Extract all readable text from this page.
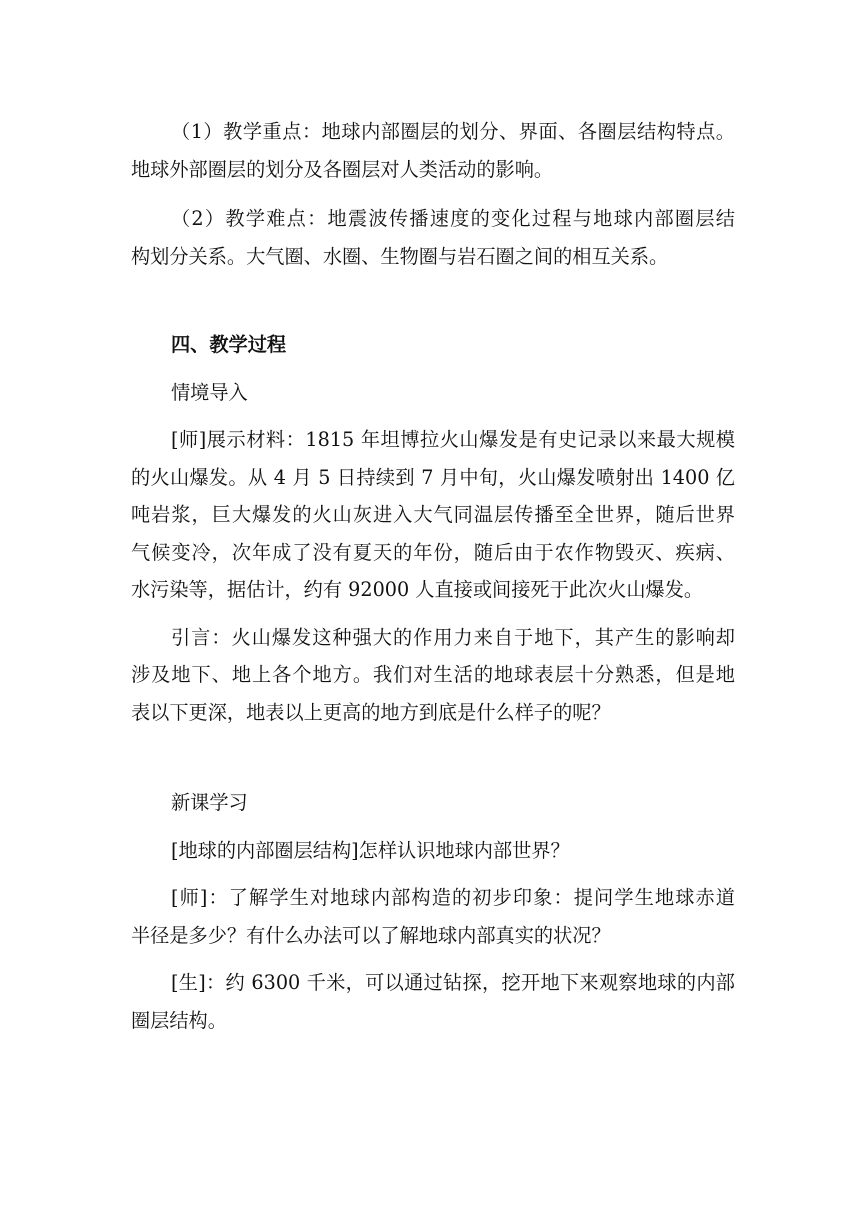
（1）教学重点：地球内部圈层的划分、界面、各圈层结构特点。
地球外部圈层的划分及各圈层对人类活动的影响。
（2）教学难点：地震波传播速度的变化过程与地球内部圈层结
构划分关系。大气圈、水圈、生物圈与岩石圈之间的相互关系。
四、教学过程
情境导入
[师]展示材料：1815 年坦博拉火山爆发是有史记录以来最大规模
的火山爆发。从 4 月 5 日持续到 7 月中旬，火山爆发喷射出 1400 亿
吨岩浆，巨大爆发的火山灰进入大气同温层传播至全世界，随后世界
气候变冷，次年成了没有夏天的年份，随后由于农作物毁灭、疾病、
水污染等，据估计，约有 92000 人直接或间接死于此次火山爆发。
引言：火山爆发这种强大的作用力来自于地下，其产生的影响却
涉及地下、地上各个地方。我们对生活的地球表层十分熟悉，但是地
表以下更深，地表以上更高的地方到底是什么样子的呢？
新课学习
[地球的内部圈层结构]怎样认识地球内部世界？
[师]：了解学生对地球内部构造的初步印象：提问学生地球赤道
半径是多少？有什么办法可以了解地球内部真实的状况？
[生]：约 6300 千米，可以通过钻探，挖开地下来观察地球的内部
圈层结构。
